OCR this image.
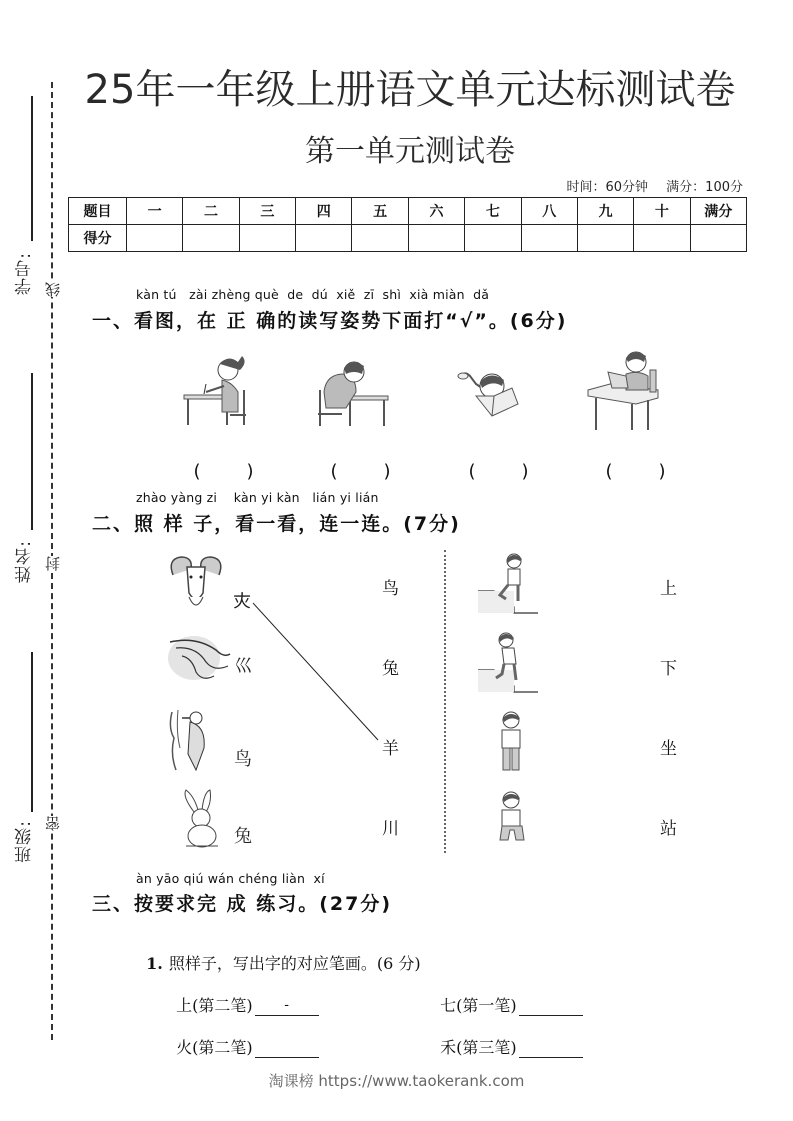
学号:
姓名:
班级:
线
封
密
25年一年级上册语文单元达标测试卷
第一单元测试卷
时间：60分钟 满分：100分
题目	一	二	三	四	五	六	七	八	九	十	满分
得分											
kàn tú   zài zhèng què  de  dú  xiě  zī  shì  xià miàn  dǎ
一、看图，在 正 确的读写姿势下面打“√”。(6分)

(	)	(	)	(	)	(	)

zhào yàng zi    kàn yi kàn   lián yi lián
二、照 样 子，看一看，连一连。(7分)
𡗜
巛
鸟
兔
鸟
兔
羊
川
上
下
坐
站
àn yāo qiú wán chéng liàn  xí
三、按要求完 成 练习。(27分)

1. 照样子，写出字的对应笔画。(6 分)

上(第二笔) -	七(第一笔)

火(第二笔)	禾(第三笔)

淘课榜 https://www.taokerank.com
